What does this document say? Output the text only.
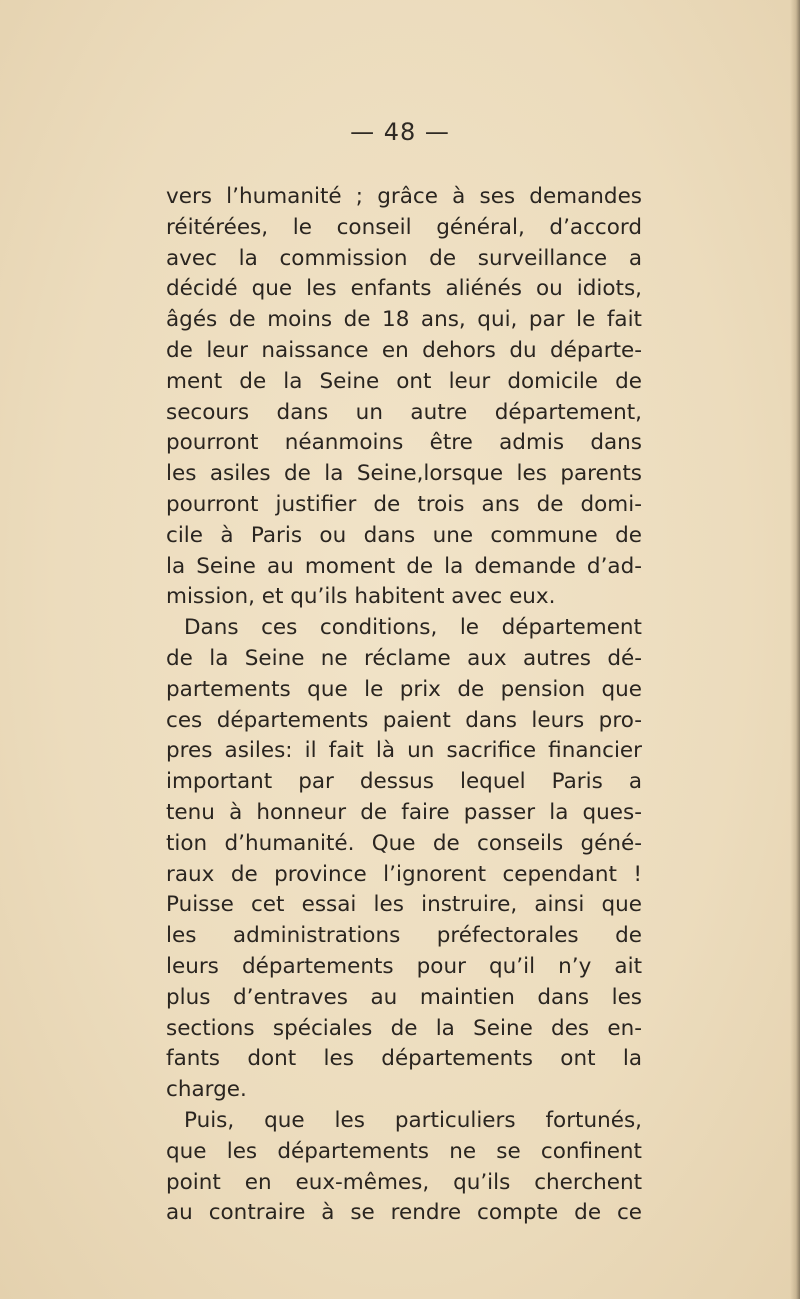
— 48 —
vers l’humanité ; grâce à ses demandes
réitérées, le conseil général, d’accord
avec la commission de surveillance a
décidé que les enfants aliénés ou idiots,
âgés de moins de 18 ans, qui, par le fait
de leur naissance en dehors du départe-
ment de la Seine ont leur domicile de
secours dans un autre département,
pourront néanmoins être admis dans
les asiles de la Seine,lorsque les parents
pourront justifier de trois ans de domi-
cile à Paris ou dans une commune de
la Seine au moment de la demande d’ad-
mission, et qu’ils habitent avec eux.
Dans ces conditions, le département
de la Seine ne réclame aux autres dé-
partements que le prix de pension que
ces départements paient dans leurs pro-
pres asiles: il fait là un sacrifice financier
important par dessus lequel Paris a
tenu à honneur de faire passer la ques-
tion d’humanité. Que de conseils géné-
raux de province l’ignorent cependant !
Puisse cet essai les instruire, ainsi que
les administrations préfectorales de
leurs départements pour qu’il n’y ait
plus d’entraves au maintien dans les
sections spéciales de la Seine des en-
fants dont les départements ont la
charge.
Puis, que les particuliers fortunés,
que les départements ne se confinent
point en eux-mêmes, qu’ils cherchent
au contraire à se rendre compte de ce
